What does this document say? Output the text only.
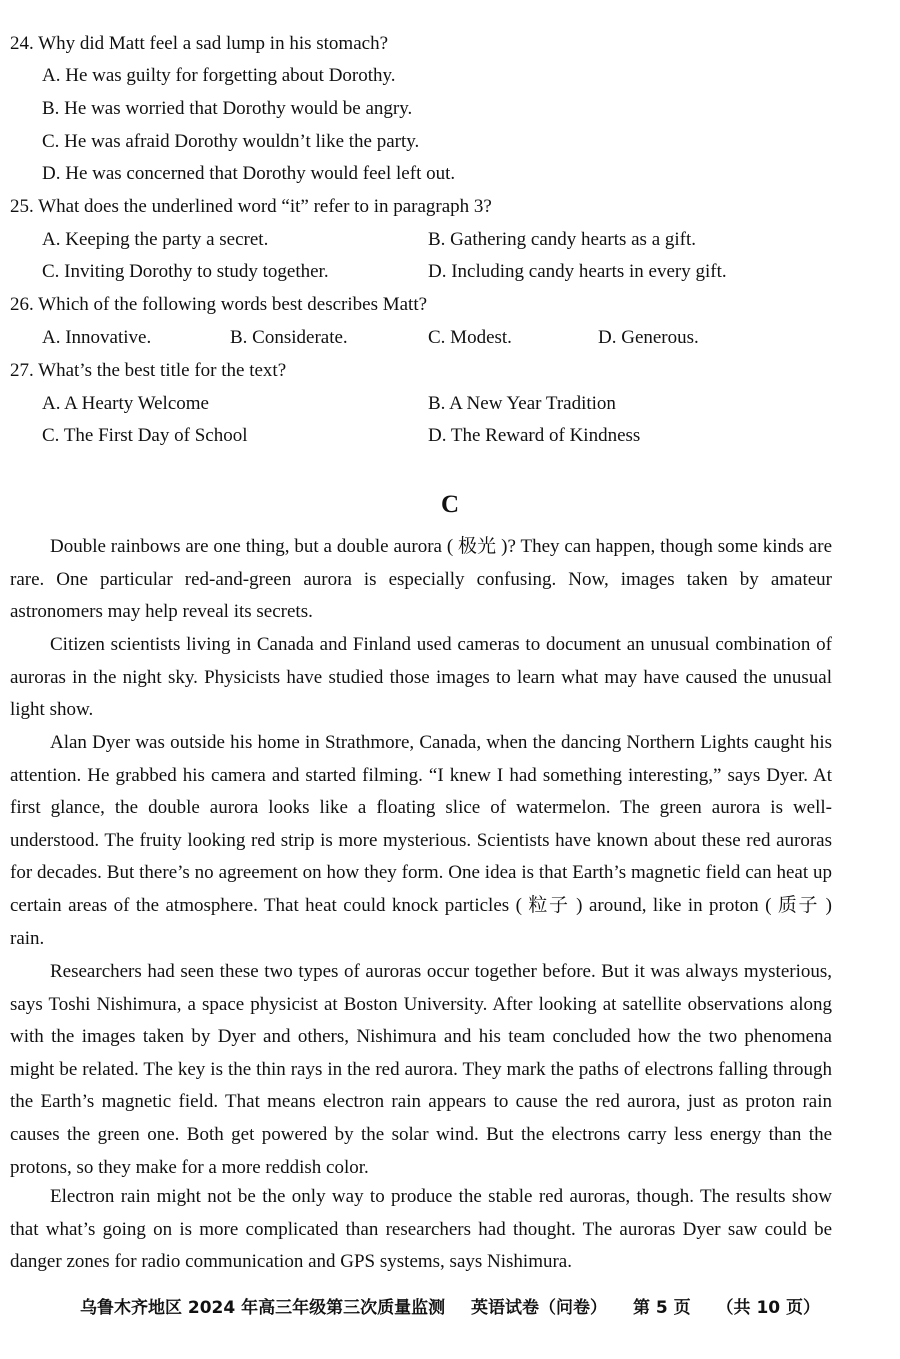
24. Why did Matt feel a sad lump in his stomach?
A. He was guilty for forgetting about Dorothy.
B. He was worried that Dorothy would be angry.
C. He was afraid Dorothy wouldn’t like the party.
D. He was concerned that Dorothy would feel left out.
25. What does the underlined word “it” refer to in paragraph 3?
A. Keeping the party a secret.	B. Gathering candy hearts as a gift.
C. Inviting Dorothy to study together.	D. Including candy hearts in every gift.
26. Which of the following words best describes Matt?
A. Innovative.	B. Considerate.	C. Modest.	D. Generous.
27. What’s the best title for the text?
A. A Hearty Welcome	B. A New Year Tradition
C. The First Day of School	D. The Reward of Kindness
C
Double rainbows are one thing, but a double aurora ( 极光 )? They can happen, though some kinds are rare. One particular red-and-green aurora is especially confusing. Now, images taken by amateur astronomers may help reveal its secrets.
Citizen scientists living in Canada and Finland used cameras to document an unusual combination of auroras in the night sky. Physicists have studied those images to learn what may have caused the unusual light show.
Alan Dyer was outside his home in Strathmore, Canada, when the dancing Northern Lights caught his attention. He grabbed his camera and started filming. “I knew I had something interesting,” says Dyer. At first glance, the double aurora looks like a floating slice of watermelon. The green aurora is well-understood. The fruity looking red strip is more mysterious. Scientists have known about these red auroras for decades. But there’s no agreement on how they form. One idea is that Earth’s magnetic field can heat up certain areas of the atmosphere. That heat could knock particles ( 粒子 ) around, like in proton ( 质子 ) rain.
Researchers had seen these two types of auroras occur together before. But it was always mysterious, says Toshi Nishimura, a space physicist at Boston University. After looking at satellite observations along with the images taken by Dyer and others, Nishimura and his team concluded how the two phenomena might be related. The key is the thin rays in the red aurora. They mark the paths of electrons falling through the Earth’s magnetic field. That means electron rain appears to cause the red aurora, just as proton rain causes the green one. Both get powered by the solar wind. But the electrons carry less energy than the protons, so they make for a more reddish color.
Electron rain might not be the only way to produce the stable red auroras, though. The results show that what’s going on is more complicated than researchers had thought. The auroras Dyer saw could be danger zones for radio communication and GPS systems, says Nishimura.
乌鲁木齐地区 2024 年高三年级第三次质量监测 英语试卷（问卷） 第 5 页 （共 10 页）
